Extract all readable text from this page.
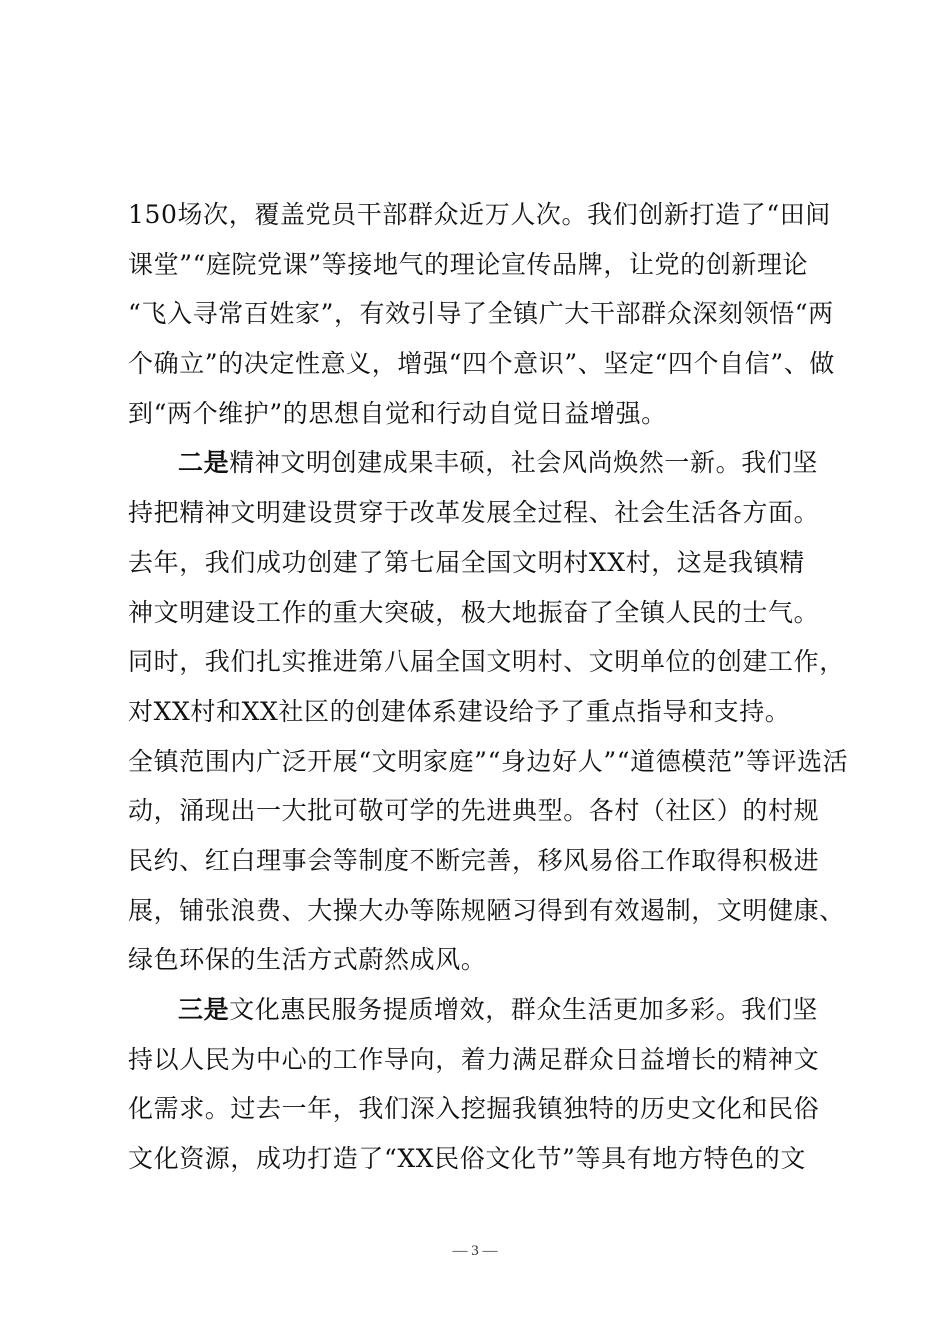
150场次，覆盖党员干部群众近万人次。我们创新打造了“田间
课堂”“庭院党课”等接地气的理论宣传品牌，让党的创新理论
“飞入寻常百姓家”，有效引导了全镇广大干部群众深刻领悟“两
个确立”的决定性意义，增强“四个意识”、坚定“四个自信”、做
到“两个维护”的思想自觉和行动自觉日益增强。
二是精神文明创建成果丰硕，社会风尚焕然一新。我们坚
持把精神文明建设贯穿于改革发展全过程、社会生活各方面。
去年，我们成功创建了第七届全国文明村XX村，这是我镇精
神文明建设工作的重大突破，极大地振奋了全镇人民的士气。
同时，我们扎实推进第八届全国文明村、文明单位的创建工作，
对XX村和XX社区的创建体系建设给予了重点指导和支持。
全镇范围内广泛开展“文明家庭”“身边好人”“道德模范”等评选活
动，涌现出一大批可敬可学的先进典型。各村（社区）的村规
民约、红白理事会等制度不断完善，移风易俗工作取得积极进
展，铺张浪费、大操大办等陈规陋习得到有效遏制，文明健康、
绿色环保的生活方式蔚然成风。
三是文化惠民服务提质增效，群众生活更加多彩。我们坚
持以人民为中心的工作导向，着力满足群众日益增长的精神文
化需求。过去一年，我们深入挖掘我镇独特的历史文化和民俗
文化资源，成功打造了“XX民俗文化节”等具有地方特色的文
— 3 —
